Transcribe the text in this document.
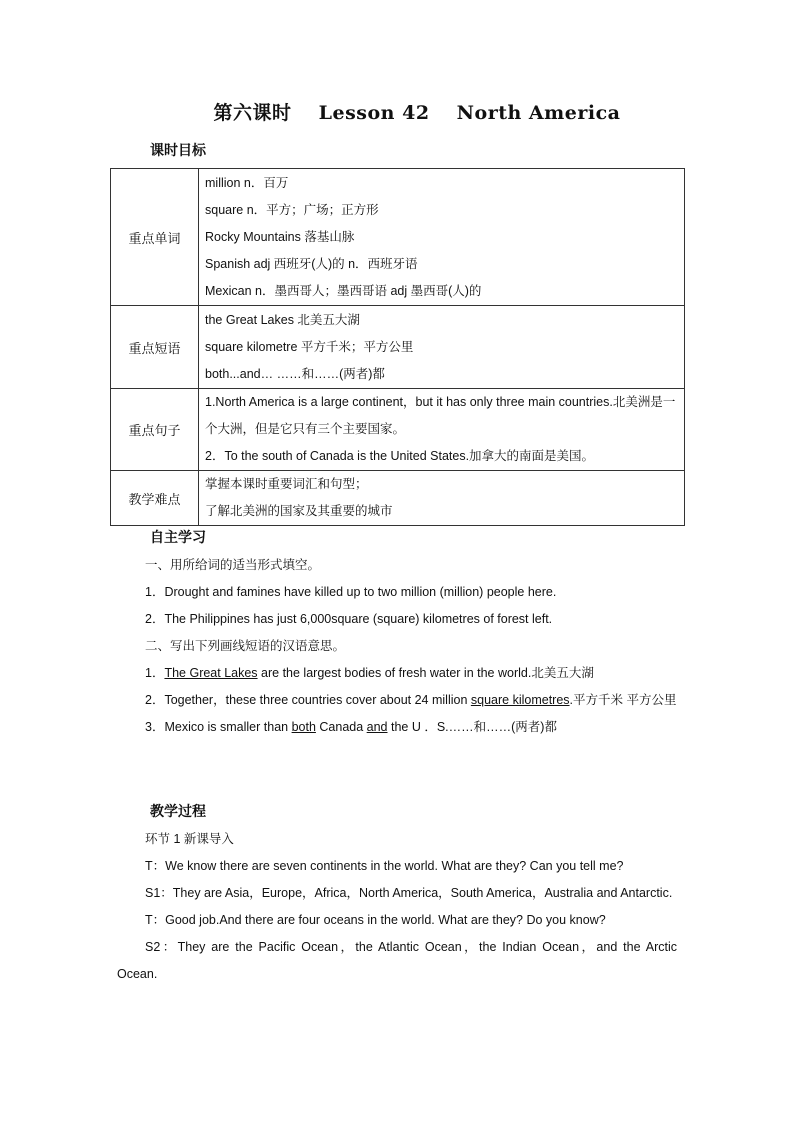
第六课时 Lesson 42 North America
课时目标
重点单词	million n．百万
square n．平方；广场；正方形
Rocky Mountains 落基山脉
Spanish adj 西班牙(人)的 n．西班牙语
Mexican n．墨西哥人；墨西哥语 adj 墨西哥(人)的

重点短语	the Great Lakes 北美五大湖
square kilometre 平方千米；平方公里
both...and… ……和……(两者)都

重点句子	1.North America is a large continent，but it has only three main countries.北美洲是一个大洲，但是它只有三个主要国家。
2．To the south of Canada is the United States.加拿大的南面是美国。

教学难点	掌握本课时重要词汇和句型；
了解北美洲的国家及其重要的城市
自主学习

一、用所给词的适当形式填空。

1．Drought and famines have killed up to two million (million) people here.

2．The Philippines has just 6,000square (square) kilometres of forest left.

二、写出下列画线短语的汉语意思。

1．The Great Lakes are the largest bodies of fresh water in the world.北美五大湖

2．Together，these three countries cover about 24 million square kilometres.平方千米 平方公里

3．Mexico is smaller than both Canada and the U ．S.……和……(两者)都

教学过程

环节 1 新课导入

T：We know there are seven continents in the world. What are they? Can you tell me?

S1：They are Asia，Europe，Africa，North America，South America，Australia and Antarctic.

T：Good job.And there are four oceans in the world. What are they? Do you know?

S2：They are the Pacific Ocean，the Atlantic Ocean，the Indian Ocean，and the Arctic Ocean.
